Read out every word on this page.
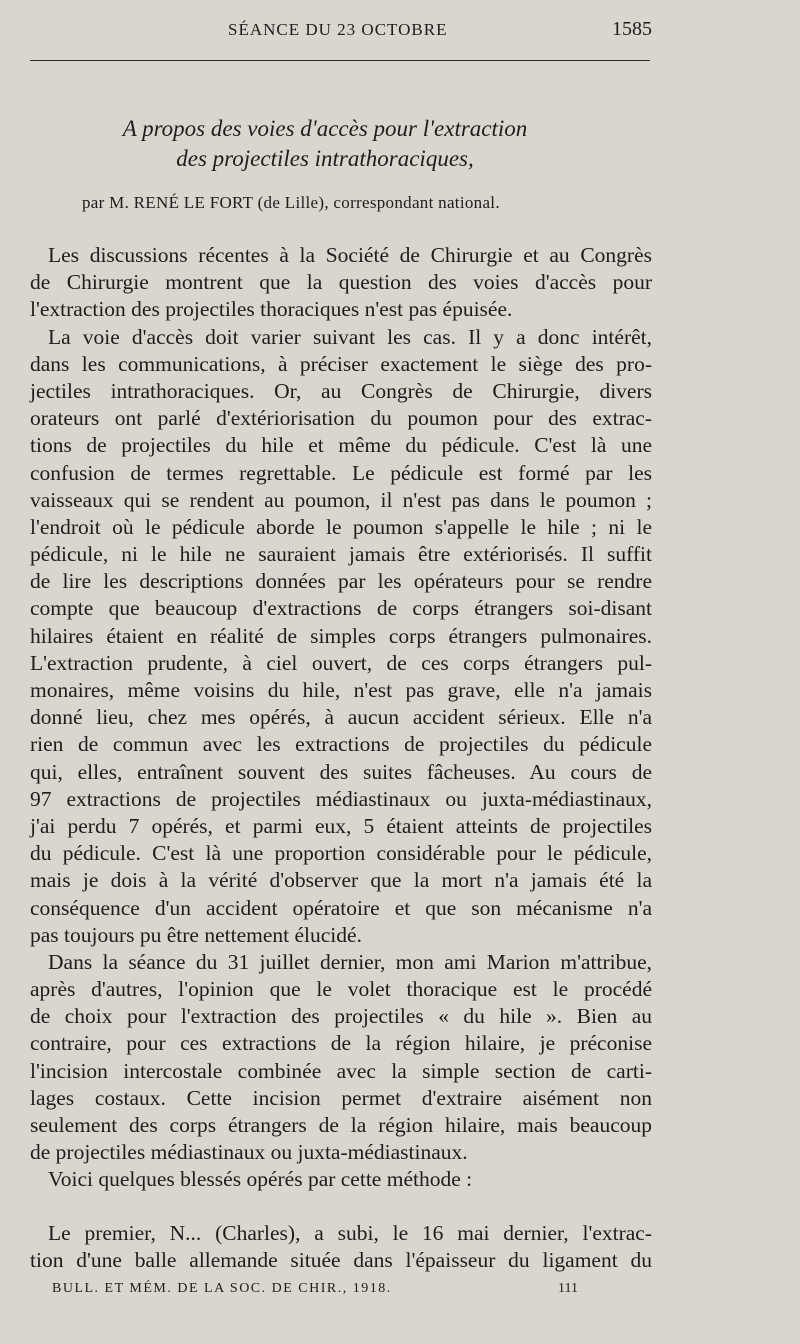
SÉANCE DU 23 OCTOBRE	1585
A propos des voies d'accès pour l'extraction
des projectiles intrathoraciques,
par M. RENÉ LE FORT (de Lille), correspondant national.
Les discussions récentes à la Société de Chirurgie et au Congrès
de Chirurgie montrent que la question des voies d'accès pour
l'extraction des projectiles thoraciques n'est pas épuisée.
La voie d'accès doit varier suivant les cas. Il y a donc intérêt,
dans les communications, à préciser exactement le siège des pro-
jectiles intrathoraciques. Or, au Congrès de Chirurgie, divers
orateurs ont parlé d'extériorisation du poumon pour des extrac-
tions de projectiles du hile et même du pédicule. C'est là une
confusion de termes regrettable. Le pédicule est formé par les
vaisseaux qui se rendent au poumon, il n'est pas dans le poumon ;
l'endroit où le pédicule aborde le poumon s'appelle le hile ; ni le
pédicule, ni le hile ne sauraient jamais être extériorisés. Il suffit
de lire les descriptions données par les opérateurs pour se rendre
compte que beaucoup d'extractions de corps étrangers soi-disant
hilaires étaient en réalité de simples corps étrangers pulmonaires.
L'extraction prudente, à ciel ouvert, de ces corps étrangers pul-
monaires, même voisins du hile, n'est pas grave, elle n'a jamais
donné lieu, chez mes opérés, à aucun accident sérieux. Elle n'a
rien de commun avec les extractions de projectiles du pédicule
qui, elles, entraînent souvent des suites fâcheuses. Au cours de
97 extractions de projectiles médiastinaux ou juxta-médiastinaux,
j'ai perdu 7 opérés, et parmi eux, 5 étaient atteints de projectiles
du pédicule. C'est là une proportion considérable pour le pédicule,
mais je dois à la vérité d'observer que la mort n'a jamais été la
conséquence d'un accident opératoire et que son mécanisme n'a
pas toujours pu être nettement élucidé.
Dans la séance du 31 juillet dernier, mon ami Marion m'attribue,
après d'autres, l'opinion que le volet thoracique est le procédé
de choix pour l'extraction des projectiles « du hile ». Bien au
contraire, pour ces extractions de la région hilaire, je préconise
l'incision intercostale combinée avec la simple section de carti-
lages costaux. Cette incision permet d'extraire aisément non
seulement des corps étrangers de la région hilaire, mais beaucoup
de projectiles médiastinaux ou juxta-médiastinaux.
Voici quelques blessés opérés par cette méthode :
Le premier, N... (Charles), a subi, le 16 mai dernier, l'extrac-
tion d'une balle allemande située dans l'épaisseur du ligament du
BULL. ET MÉM. DE LA SOC. DE CHIR., 1918.	111
